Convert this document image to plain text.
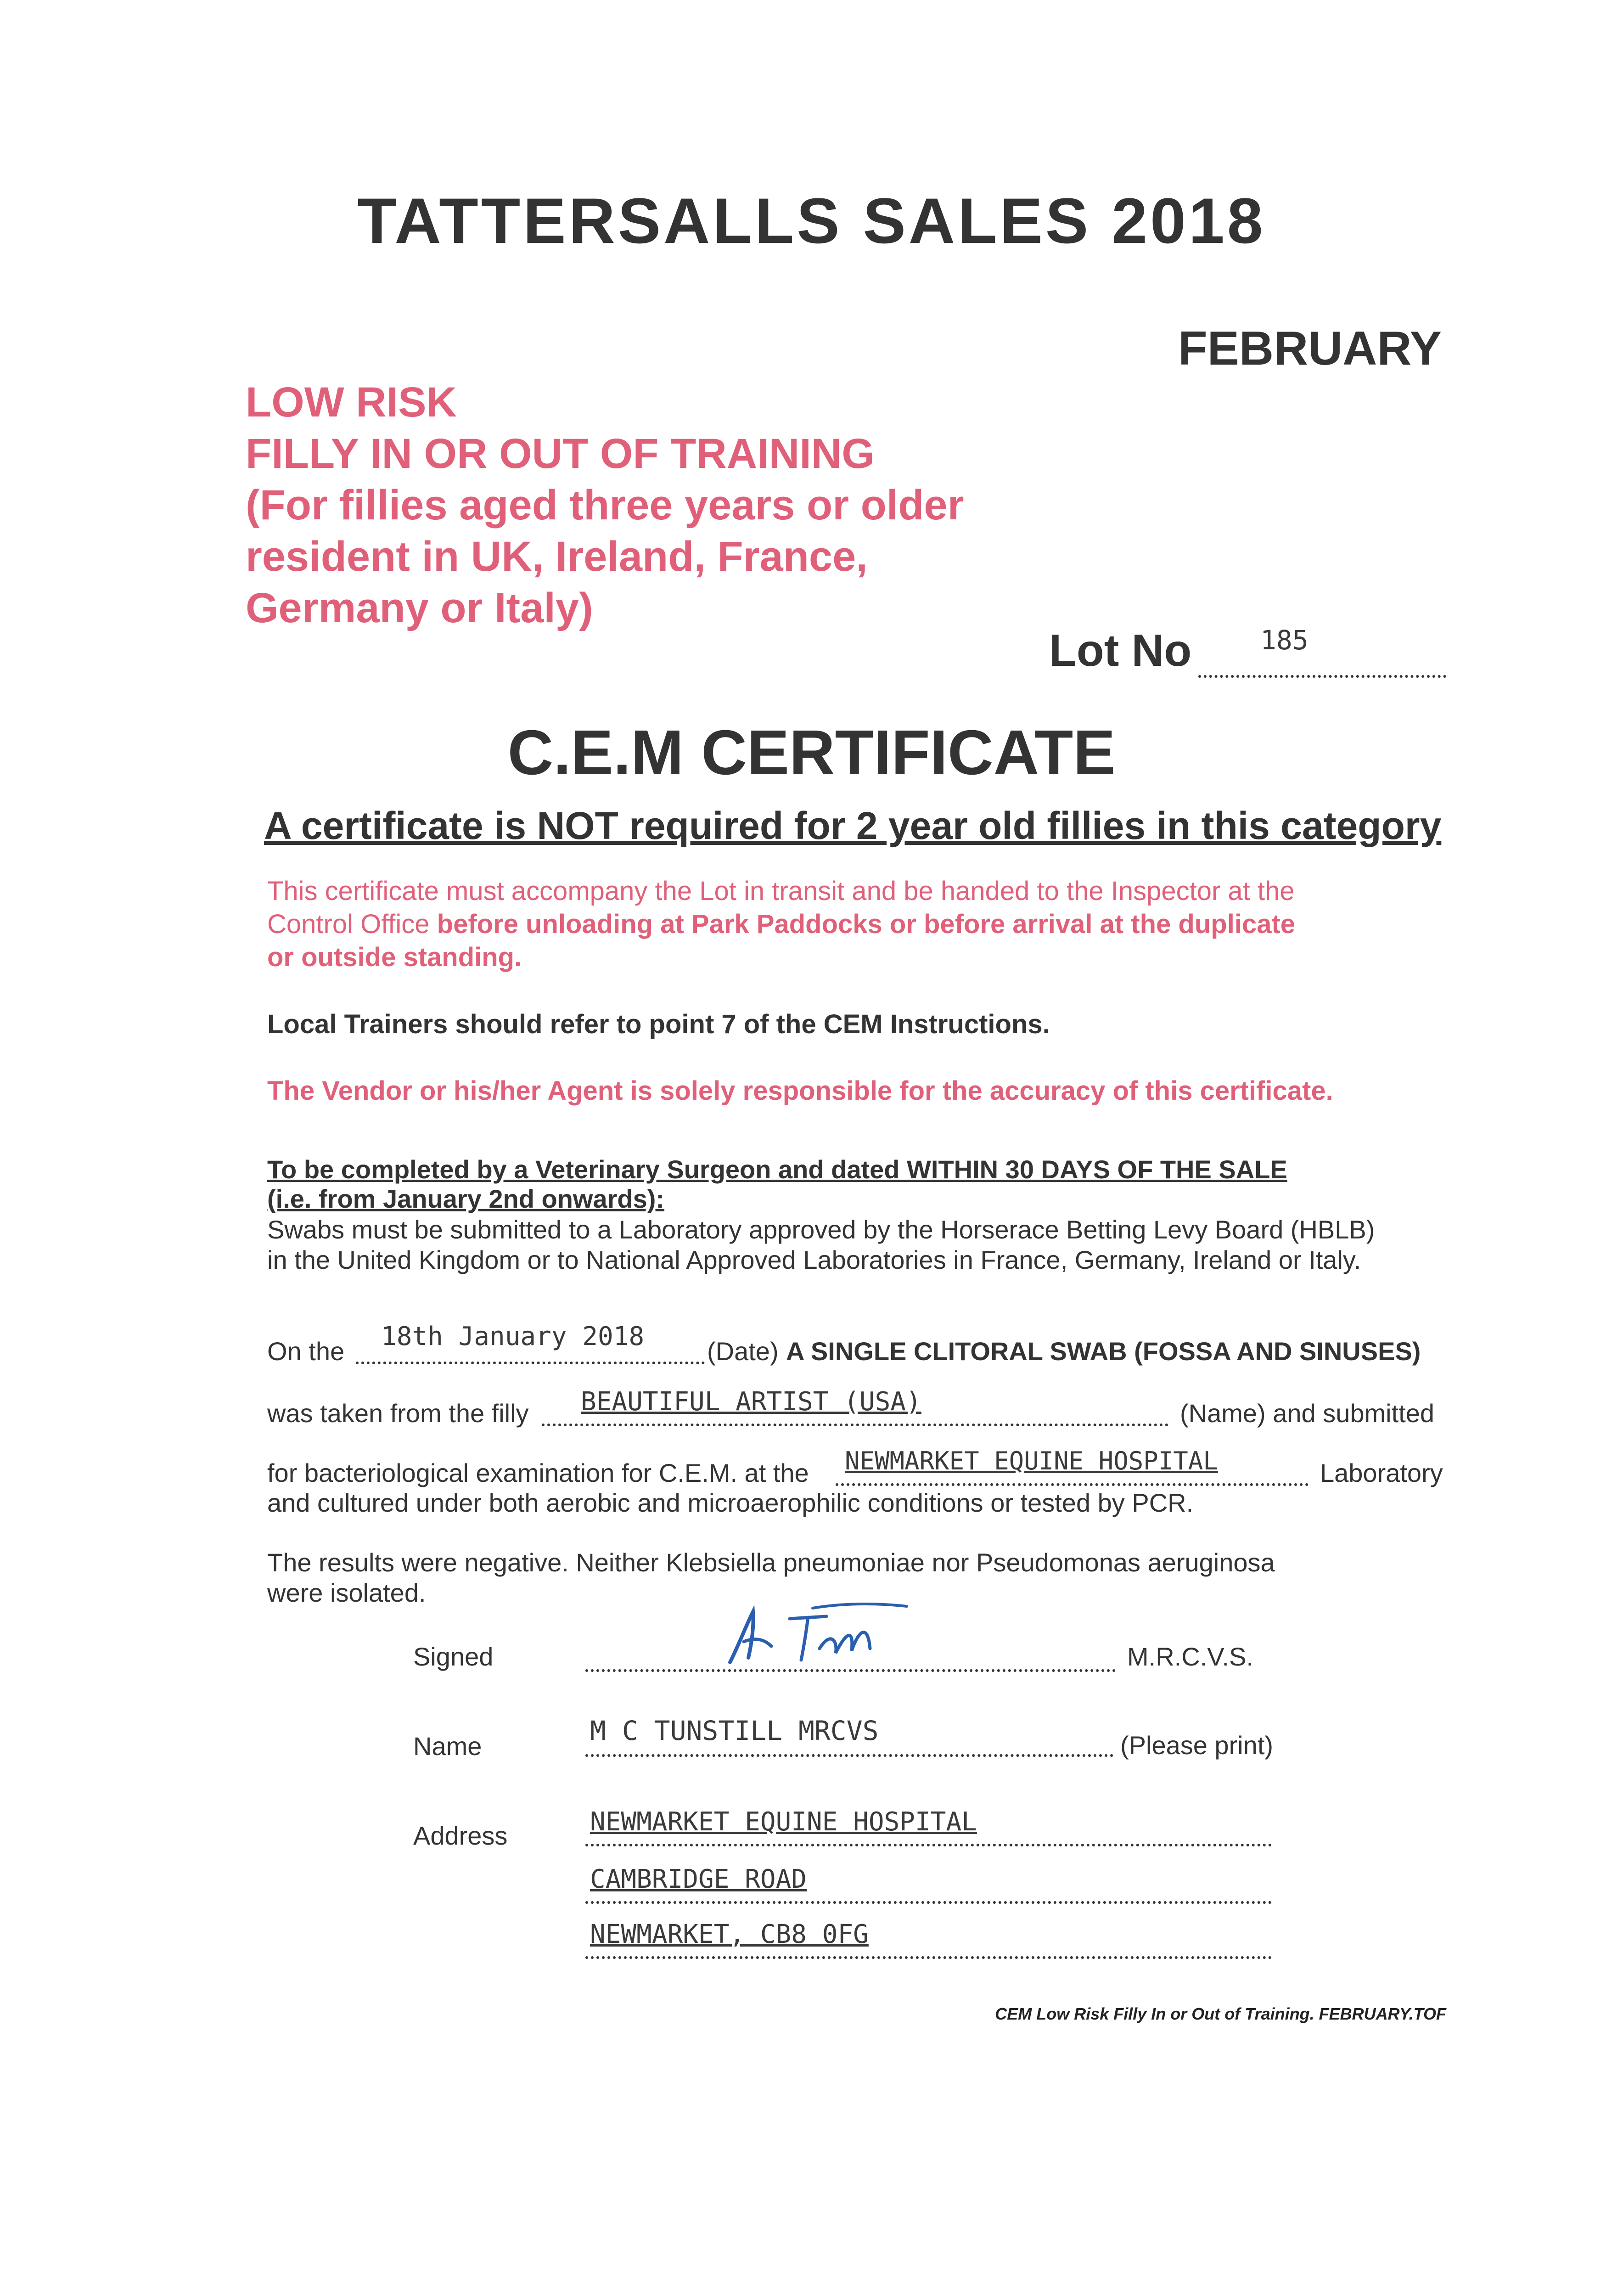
TATTERSALLS SALES 2018
FEBRUARY
LOW RISK
FILLY IN OR OUT OF TRAINING
(For fillies aged three years or older
resident in UK, Ireland, France,
Germany or Italy)
Lot No	185
C.E.M CERTIFICATE
A certificate is NOT required for 2 year old fillies in this category
This certificate must accompany the Lot in transit and be handed to the Inspector at the
Control Office before unloading at Park Paddocks or before arrival at the duplicate
or outside standing.
Local Trainers should refer to point 7 of the CEM Instructions.
The Vendor or his/her Agent is solely responsible for the accuracy of this certificate.
To be completed by a Veterinary Surgeon and dated WITHIN 30 DAYS OF THE SALE
(i.e. from January 2nd onwards):
Swabs must be submitted to a Laboratory approved by the Horserace Betting Levy Board (HBLB)
in the United Kingdom or to National Approved Laboratories in France, Germany, Ireland or Italy.
On the 18th January 2018 (Date) A SINGLE CLITORAL SWAB (FOSSA AND SINUSES)
was taken from the filly BEAUTIFUL ARTIST (USA)	(Name) and submitted
for bacteriological examination for C.E.M. at the NEWMARKET EQUINE HOSPITAL	Laboratory
and cultured under both aerobic and microaerophilic conditions or tested by PCR.
The results were negative. Neither Klebsiella pneumoniae nor Pseudomonas aeruginosa
were isolated.
Signed	M.R.C.V.S.
Name	M C TUNSTILL MRCVS	(Please print)
Address	NEWMARKET EQUINE HOSPITAL
CAMBRIDGE ROAD
NEWMARKET, CB8 0FG
CEM Low Risk Filly In or Out of Training. FEBRUARY.TOF
